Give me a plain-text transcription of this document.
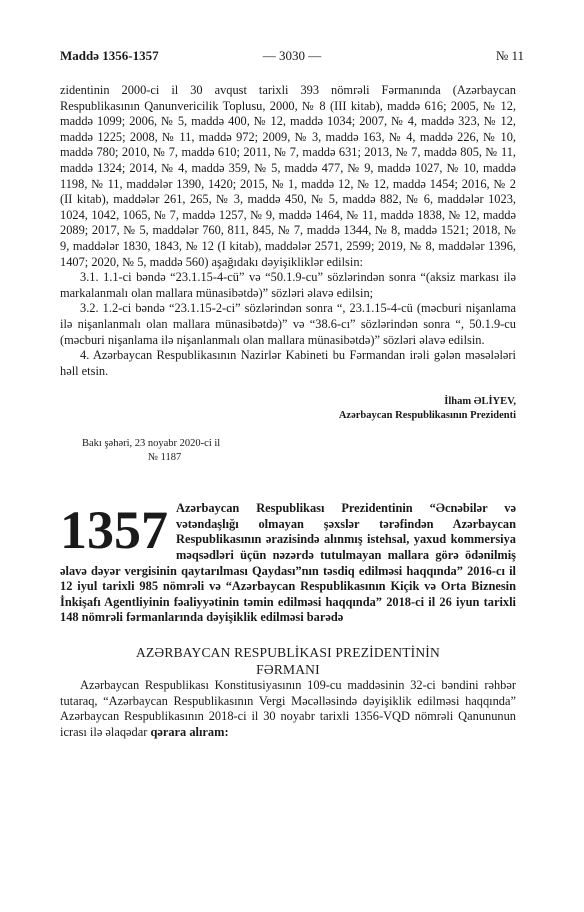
Maddə 1356-1357	— 3030 —	№ 11

zidentinin 2000-ci il 30 avqust tarixli 393 nömrəli Fərmanında (Azərbaycan Respublikasının Qanunvericilik Toplusu, 2000, № 8 (III kitab), maddə 616; 2005, № 12, maddə 1099; 2006, № 5, maddə 400, № 12, maddə 1034; 2007, № 4, maddə 323, № 12, maddə 1225; 2008, № 11, maddə 972; 2009, № 3, maddə 163, № 4, maddə 226, № 10, maddə 780; 2010, № 7, maddə 610; 2011, № 7, maddə 631; 2013, № 7, maddə 805, № 11, maddə 1324; 2014, № 4, maddə 359, № 5, maddə 477, № 9, maddə 1027, № 10, maddə 1198, № 11, maddələr 1390, 1420; 2015, № 1, maddə 12, № 12, maddə 1454; 2016, № 2 (II kitab), maddələr 261, 265, № 3, maddə 450, № 5, maddə 882, № 6, maddələr 1023, 1024, 1042, 1065, № 7, maddə 1257, № 9, maddə 1464, № 11, maddə 1838, № 12, maddə 2089; 2017, № 5, maddələr 760, 811, 845, № 7, maddə 1344, № 8, maddə 1521; 2018, № 9, maddələr 1830, 1843, № 12 (I kitab), maddələr 2571, 2599; 2019, № 8, maddələr 1396, 1407; 2020, № 5, maddə 560) aşağıdakı dəyişikliklər edilsin:

3.1. 1.1-ci bəndə “23.1.15-4-cü” və “50.1.9-cu” sözlərindən sonra “(aksiz markası ilə markalanmalı olan mallara münasibətdə)” sözləri əlavə edilsin;

3.2. 1.2-ci bəndə “23.1.15-2-ci” sözlərindən sonra “, 23.1.15-4-cü (məcburi nişanlama ilə nişanlanmalı olan mallara münasibətdə)” və “38.6-cı” sözlərindən sonra “, 50.1.9-cu (məcburi nişanlama ilə nişanlanmalı olan mallara münasibətdə)” sözləri əlavə edilsin.

4. Azərbaycan Respublikasının Nazirlər Kabineti bu Fərmandan irəli gələn məsələləri həll etsin.

İlham ƏLİYEV,
Azərbaycan Respublikasının Prezidenti
Bakı şəhəri, 23 noyabr 2020-ci il
№ 1187
1357 Azərbaycan Respublikası Prezidentinin “Əcnəbilər və vətəndaşlığı olmayan şəxslər tərəfindən Azərbaycan Respublikasının ərazisində alınmış istehsal, yaxud kommersiya məqsədləri üçün nəzərdə tutulmayan mallara görə ödənilmiş əlavə dəyər vergisinin qaytarılması Qaydası”nın təsdiq edilməsi haqqında” 2016-cı il 12 iyul tarixli 985 nömrəli və “Azərbaycan Respublikasının Kiçik və Orta Biznesin İnkişafı Agentliyinin fəaliyyətinin təmin edilməsi haqqında” 2018-ci il 26 iyun tarixli 148 nömrəli fərmanlarında dəyişiklik edilməsi barədə
AZƏRBAYCAN RESPUBLİKASI PREZİDENTİNİN
FƏRMANI

Azərbaycan Respublikası Konstitusiyasının 109-cu maddəsinin 32-ci bəndini rəhbər tutaraq, “Azərbaycan Respublikasının Vergi Məcəlləsində dəyişiklik edilməsi haqqında” Azərbaycan Respublikasının 2018-ci il 30 noyabr tarixli 1356-VQD nömrəli Qanununun icrası ilə əlaqədar qərara alıram:
